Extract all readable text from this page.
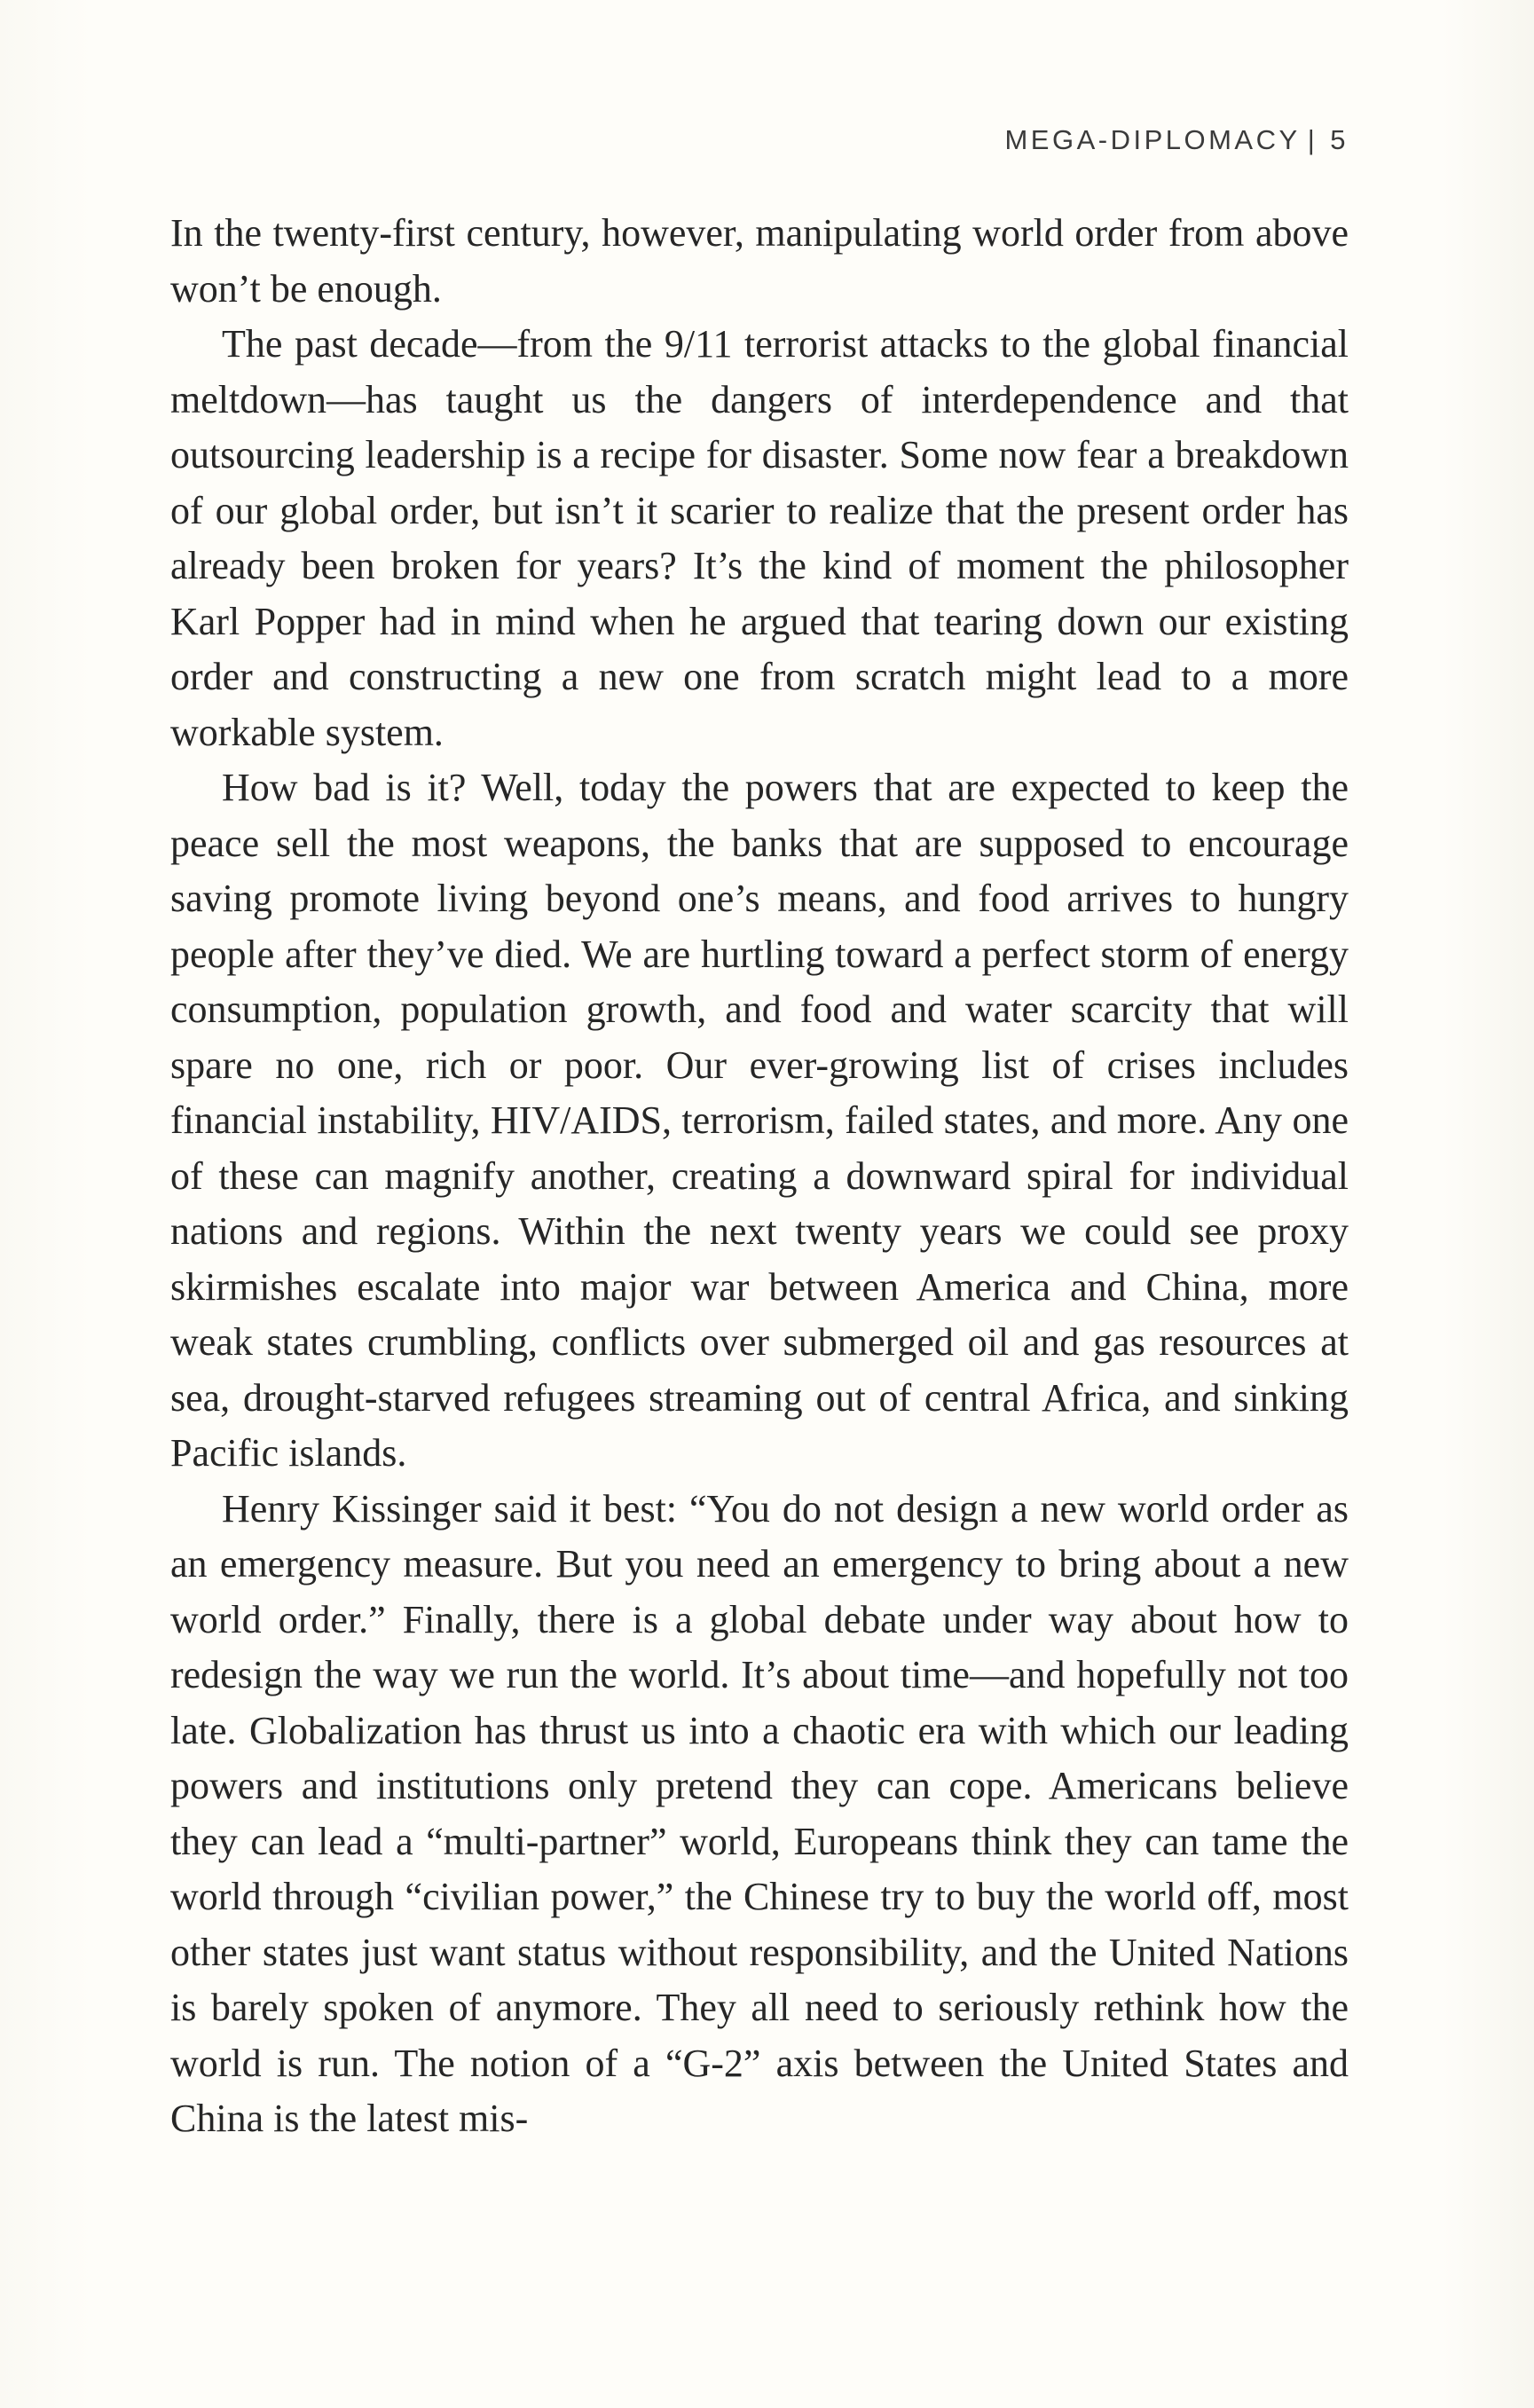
MEGA-DIPLOMACY | 5

In the twenty-first century, however, manipulating world order from above won’t be enough.

The past decade—from the 9/11 terrorist attacks to the global financial meltdown—has taught us the dangers of interdependence and that outsourcing leadership is a recipe for disaster. Some now fear a breakdown of our global order, but isn’t it scarier to realize that the present order has already been broken for years? It’s the kind of moment the philosopher Karl Popper had in mind when he argued that tearing down our existing order and constructing a new one from scratch might lead to a more workable system.

How bad is it? Well, today the powers that are expected to keep the peace sell the most weapons, the banks that are supposed to encourage saving promote living beyond one’s means, and food arrives to hungry people after they’ve died. We are hurtling toward a perfect storm of energy consumption, population growth, and food and water scarcity that will spare no one, rich or poor. Our ever-growing list of crises includes financial instability, HIV/AIDS, terrorism, failed states, and more. Any one of these can magnify another, creating a downward spiral for individual nations and regions. Within the next twenty years we could see proxy skirmishes escalate into major war between America and China, more weak states crumbling, conflicts over submerged oil and gas resources at sea, drought-starved refugees streaming out of central Africa, and sinking Pacific islands.

Henry Kissinger said it best: “You do not design a new world order as an emergency measure. But you need an emergency to bring about a new world order.” Finally, there is a global debate under way about how to redesign the way we run the world. It’s about time—and hopefully not too late. Globalization has thrust us into a chaotic era with which our leading powers and institutions only pretend they can cope. Americans believe they can lead a “multi-partner” world, Europeans think they can tame the world through “civilian power,” the Chinese try to buy the world off, most other states just want status without responsibility, and the United Nations is barely spoken of anymore. They all need to seriously rethink how the world is run. The notion of a “G-2” axis between the United States and China is the latest mis-
